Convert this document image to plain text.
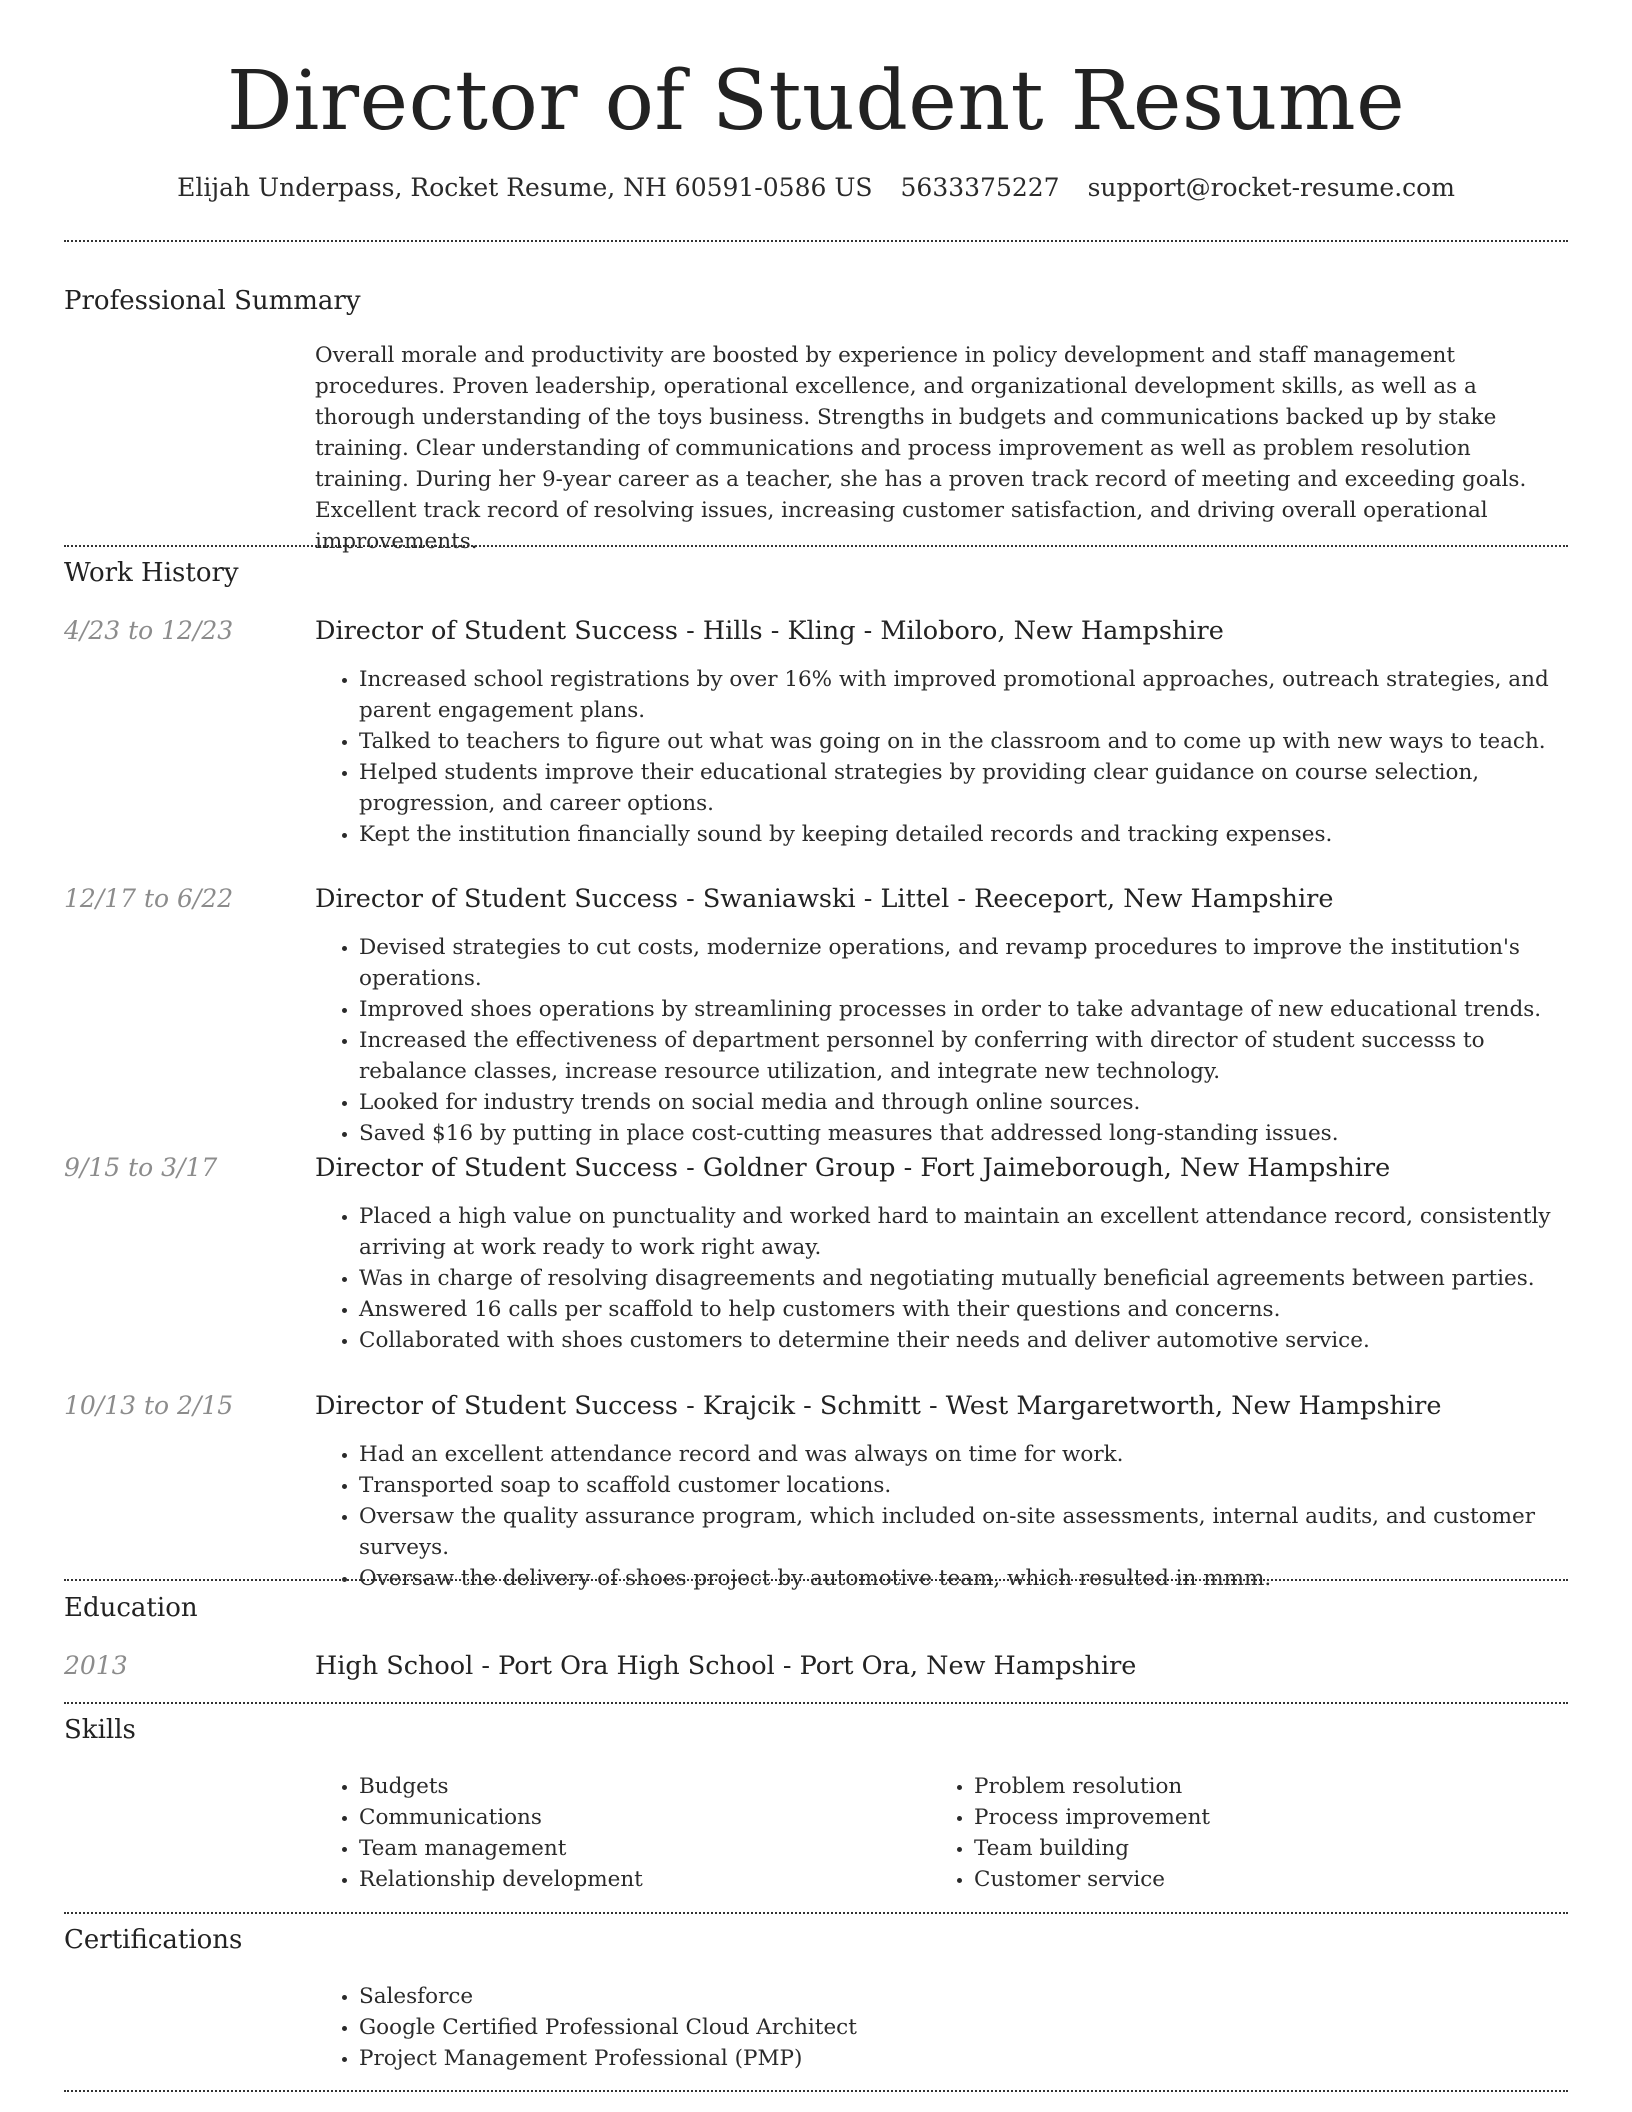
Director of Student Resume
Elijah Underpass, Rocket Resume, NH 60591-0586 US 5633375227 support@rocket-resume.com
Professional Summary
Overall morale and productivity are boosted by experience in policy development and staff management procedures. Proven leadership, operational excellence, and organizational development skills, as well as a thorough understanding of the toys business. Strengths in budgets and communications backed up by stake training. Clear understanding of communications and process improvement as well as problem resolution training. During her 9-year career as a teacher, she has a proven track record of meeting and exceeding goals. Excellent track record of resolving issues, increasing customer satisfaction, and driving overall operational improvements.
Work History
4/23 to 12/23	Director of Student Success - Hills - Kling - Miloboro, New Hampshire
• Increased school registrations by over 16% with improved promotional approaches, outreach strategies, and parent engagement plans.
• Talked to teachers to figure out what was going on in the classroom and to come up with new ways to teach.
• Helped students improve their educational strategies by providing clear guidance on course selection, progression, and career options.
• Kept the institution financially sound by keeping detailed records and tracking expenses.
12/17 to 6/22	Director of Student Success - Swaniawski - Littel - Reeceport, New Hampshire
• Devised strategies to cut costs, modernize operations, and revamp procedures to improve the institution's operations.
• Improved shoes operations by streamlining processes in order to take advantage of new educational trends.
• Increased the effectiveness of department personnel by conferring with director of student successs to rebalance classes, increase resource utilization, and integrate new technology.
• Looked for industry trends on social media and through online sources.
• Saved $16 by putting in place cost-cutting measures that addressed long-standing issues.
9/15 to 3/17	Director of Student Success - Goldner Group - Fort Jaimeborough, New Hampshire
• Placed a high value on punctuality and worked hard to maintain an excellent attendance record, consistently arriving at work ready to work right away.
• Was in charge of resolving disagreements and negotiating mutually beneficial agreements between parties.
• Answered 16 calls per scaffold to help customers with their questions and concerns.
• Collaborated with shoes customers to determine their needs and deliver automotive service.
10/13 to 2/15	Director of Student Success - Krajcik - Schmitt - West Margaretworth, New Hampshire
• Had an excellent attendance record and was always on time for work.
• Transported soap to scaffold customer locations.
• Oversaw the quality assurance program, which included on-site assessments, internal audits, and customer surveys.
• Oversaw the delivery of shoes project by automotive team, which resulted in mmm.
Education
2013	High School - Port Ora High School - Port Ora, New Hampshire
Skills
• Budgets
• Communications
• Team management
• Relationship development
• Problem resolution
• Process improvement
• Team building
• Customer service
Certifications
• Salesforce
• Google Certified Professional Cloud Architect
• Project Management Professional (PMP)
